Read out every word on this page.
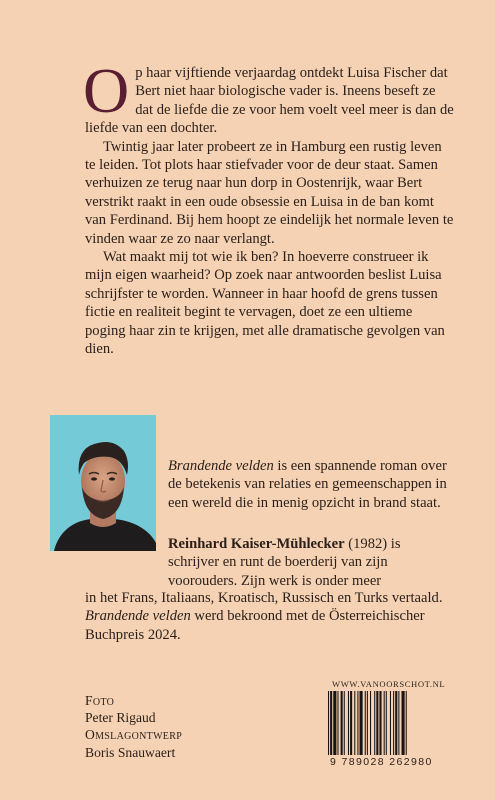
Op haar vijftiende verjaardag ontdekt Luisa Fischer dat Bert niet haar biologische vader is. Ineens beseft ze dat de liefde die ze voor hem voelt veel meer is dan de liefde van een dochter.

Twintig jaar later probeert ze in Hamburg een rustig leven te leiden. Tot plots haar stiefvader voor de deur staat. Samen verhuizen ze terug naar hun dorp in Oostenrijk, waar Bert verstrikt raakt in een oude obsessie en Luisa in de ban komt van Ferdinand. Bij hem hoopt ze eindelijk het normale leven te vinden waar ze zo naar verlangt.

Wat maakt mij tot wie ik ben? In hoeverre construeer ik mijn eigen waarheid? Op zoek naar antwoorden beslist Luisa schrijfster te worden. Wanneer in haar hoofd de grens tussen fictie en realiteit begint te vervagen, doet ze een ultieme poging haar zin te krijgen, met alle dramatische gevolgen van dien.

Brandende velden is een spannende roman over de betekenis van relaties en gemeenschappen in een wereld die in menig opzicht in brand staat.

Reinhard Kaiser-Mühlecker (1982) is

schrijver en runt de boerderij van zijn

voorouders. Zijn werk is onder meer

in het Frans, Italiaans, Kroatisch, Russisch en Turks vertaald. Brandende velden werd bekroond met de Österreichischer Buchpreis 2024.

Foto
Peter Rigaud
Omslagontwerp
Boris Snauwaert
WWW.VANOORSCHOT.NL
9 789028 262980
